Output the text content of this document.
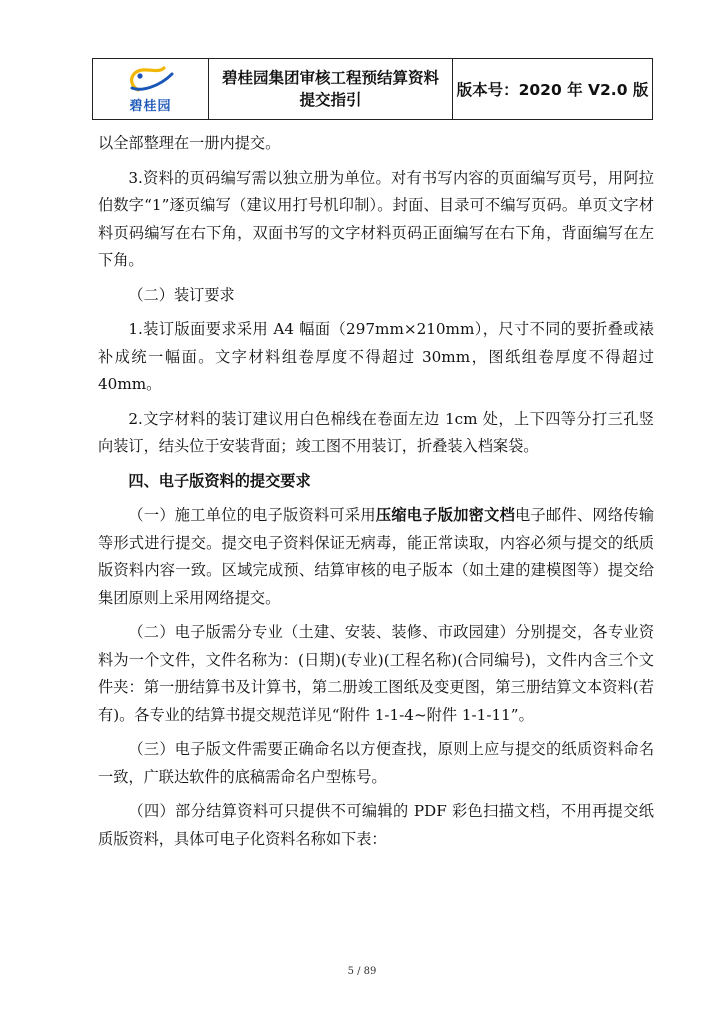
碧桂园
碧桂园集团审核工程预结算资料
提交指引
版本号：2020 年 V2.0 版

以全部整理在一册内提交。

3.资料的页码编写需以独立册为单位。对有书写内容的页面编写页号，用阿拉伯数字“1”逐页编写（建议用打号机印制）。封面、目录可不编写页码。单页文字材料页码编写在右下角，双面书写的文字材料页码正面编写在右下角，背面编写在左下角。

（二）装订要求

1.装订版面要求采用 A4 幅面（297mm×210mm），尺寸不同的要折叠或裱补成统一幅面。文字材料组卷厚度不得超过 30mm，图纸组卷厚度不得超过 40mm。

2.文字材料的装订建议用白色棉线在卷面左边 1cm 处，上下四等分打三孔竖向装订，结头位于安装背面；竣工图不用装订，折叠装入档案袋。

四、电子版资料的提交要求

（一）施工单位的电子版资料可采用压缩电子版加密文档电子邮件、网络传输等形式进行提交。提交电子资料保证无病毒，能正常读取，内容必须与提交的纸质版资料内容一致。区域完成预、结算审核的电子版本（如土建的建模图等）提交给集团原则上采用网络提交。

（二）电子版需分专业（土建、安装、装修、市政园建）分别提交，各专业资料为一个文件，文件名称为：(日期)(专业)(工程名称)(合同编号)，文件内含三个文件夹：第一册结算书及计算书，第二册竣工图纸及变更图，第三册结算文本资料(若有)。各专业的结算书提交规范详见“附件 1-1-4~附件 1-1-11”。

（三）电子版文件需要正确命名以方便查找，原则上应与提交的纸质资料命名一致，广联达软件的底稿需命名户型栋号。

（四）部分结算资料可只提供不可编辑的 PDF 彩色扫描文档，不用再提交纸质版资料，具体可电子化资料名称如下表：

5 / 89
